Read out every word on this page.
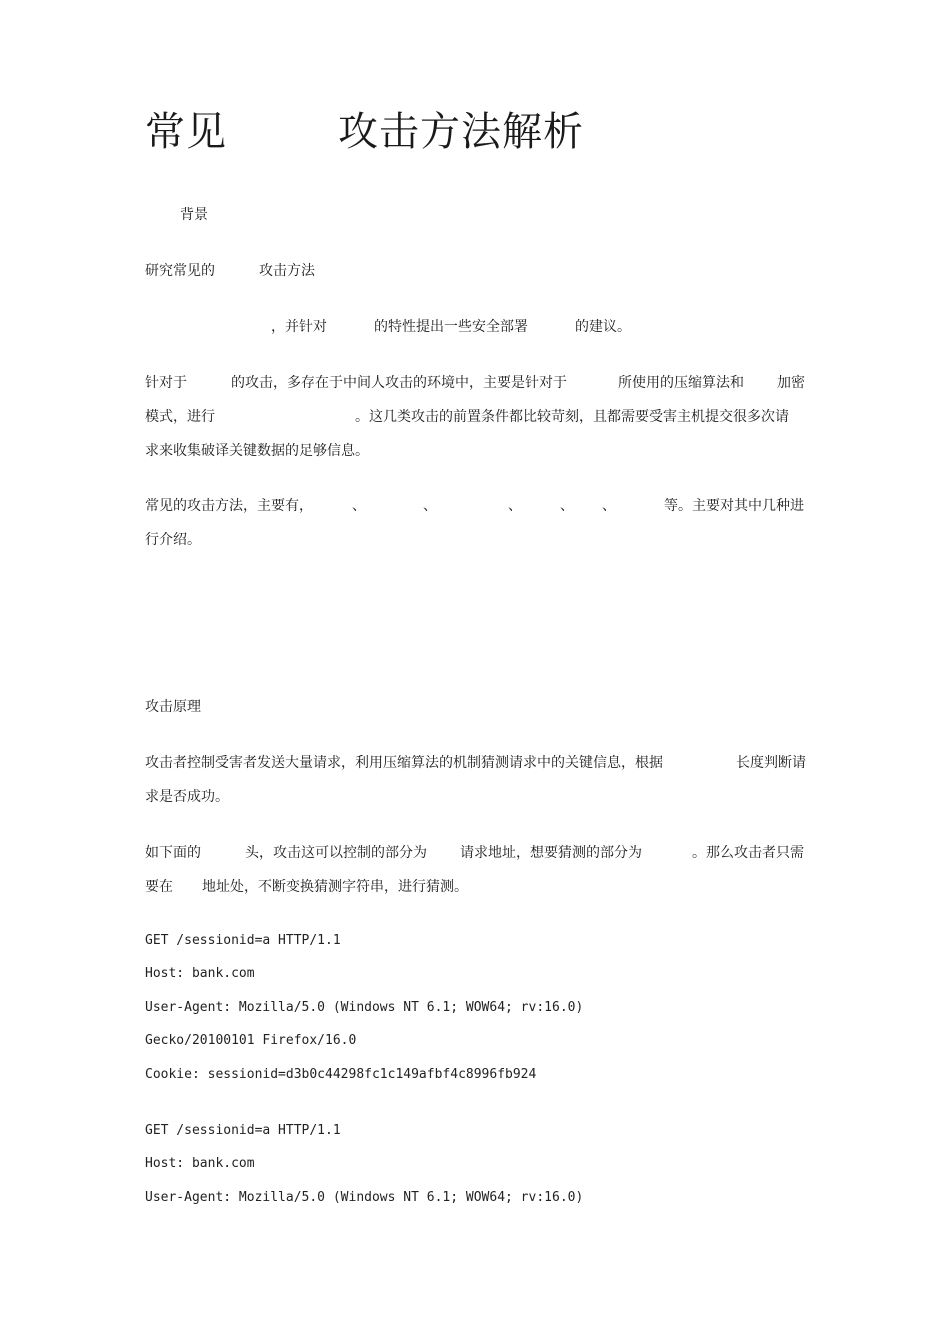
常见	攻击方法解析
背景
研究常见的	攻击方法
，并针对	的特性提出一些安全部署	的建议。
针对于	的攻击，多存在于中间人攻击的环境中，主要是针对于	所使用的压缩算法和 加密
模式，进行	。这几类攻击的前置条件都比较苛刻，且都需要受害主机提交很多次请
求来收集破译关键数据的足够信息。
常见的攻击方法，主要有，	、	、	、	、 、	等。主要对其中几种进
行介绍。
攻击原理
攻击者控制受害者发送大量请求，利用压缩算法的机制猜测请求中的关键信息，根据	长度判断请
求是否成功。
如下面的	头，攻击这可以控制的部分为 请求地址，想要猜测的部分为	。那么攻击者只需
要在 地址处，不断变换猜测字符串，进行猜测。
GET /sessionid=a HTTP/1.1
Host: bank.com
User-Agent: Mozilla/5.0 (Windows NT 6.1; WOW64; rv:16.0)
Gecko/20100101 Firefox/16.0
Cookie: sessionid=d3b0c44298fc1c149afbf4c8996fb924
GET /sessionid=a HTTP/1.1
Host: bank.com
User-Agent: Mozilla/5.0 (Windows NT 6.1; WOW64; rv:16.0)
